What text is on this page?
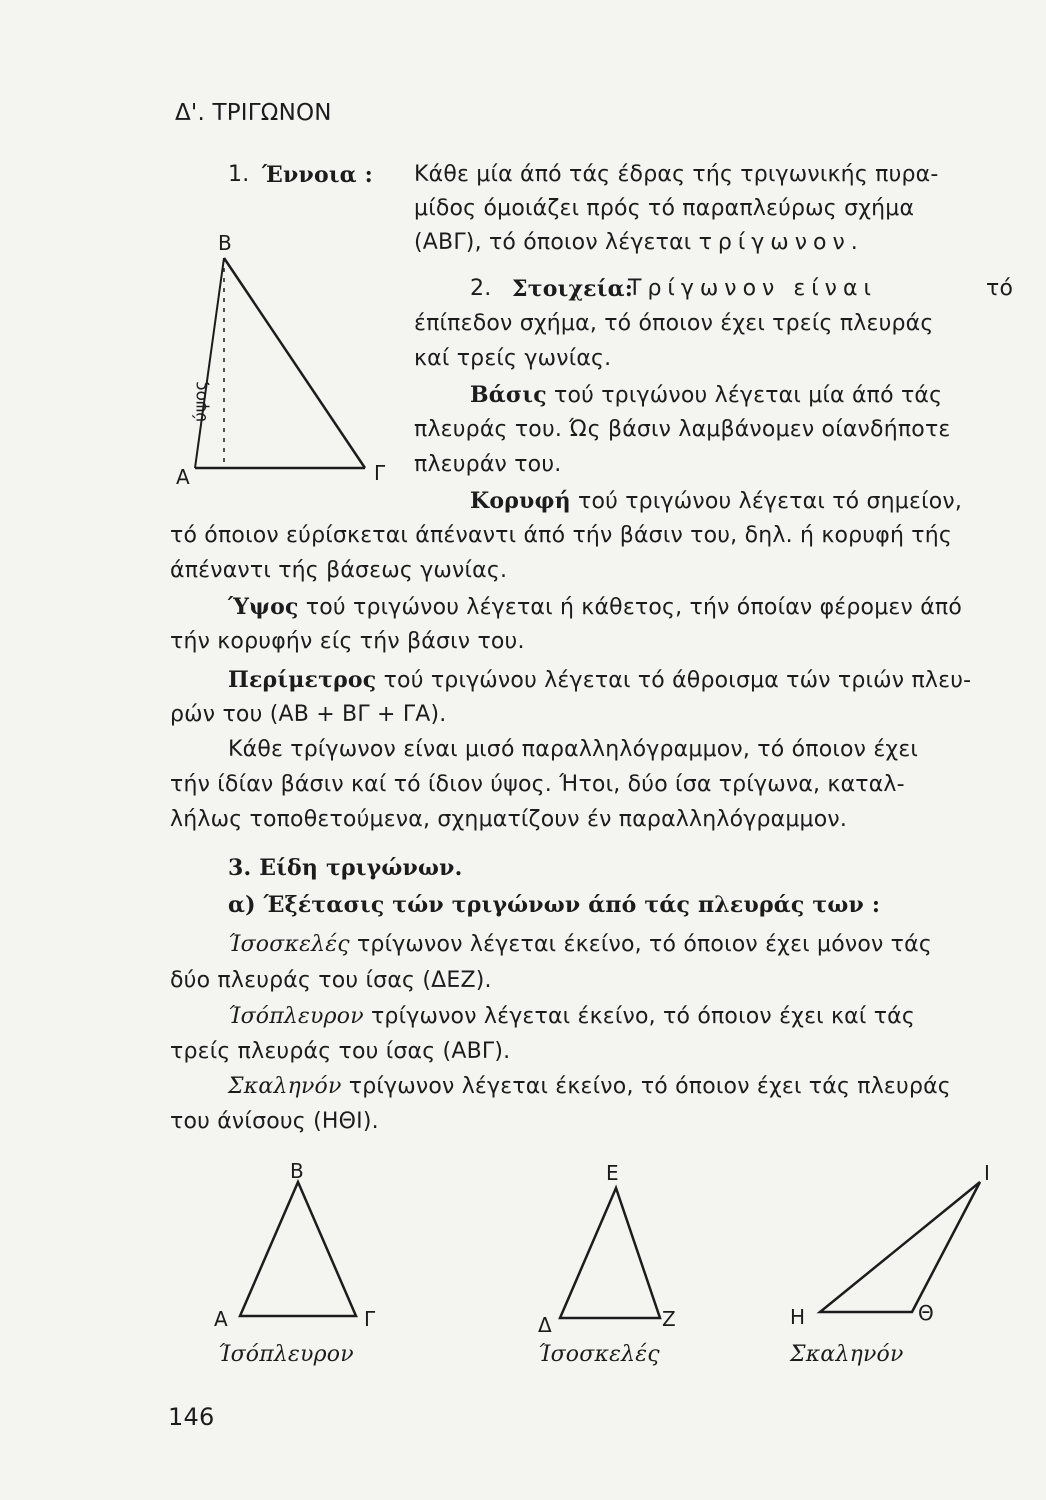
Δ'. ΤΡΙΓΩΝΟΝ
1. Έννοια : Κάθε μία άπό τάς έδρας τής τριγωνικής πυρα-
μίδος όμοιάζει πρός τό παραπλεύρως σχήμα
(ΑΒΓ), τό όποιον λέγεται τρίγωνον.
2. Στοιχεία:
Τρίγωνον είναι	τό
έπίπεδον σχήμα, τό όποιον έχει τρείς πλευράς
καί τρείς γωνίας.
Βάσις τού τριγώνου λέγεται μία άπό τάς
πλευράς του. Ώς βάσιν λαμβάνομεν οίανδήποτε
πλευράν του.
Κορυφή τού τριγώνου λέγεται τό σημείον,
τό όποιον εύρίσκεται άπέναντι άπό τήν βάσιν του, δηλ. ή κορυφή τής
άπέναντι τής βάσεως γωνίας.
Ύψος τού τριγώνου λέγεται ή κάθετος, τήν όποίαν φέρομεν άπό
τήν κορυφήν είς τήν βάσιν του.
Περίμετρος τού τριγώνου λέγεται τό άθροισμα τών τριών πλευ-
ρών του (ΑΒ + ΒΓ + ΓΑ).
Κάθε τρίγωνον είναι μισό παραλληλόγραμμον, τό όποιον έχει
τήν ίδίαν βάσιν καί τό ίδιον ύψος. Ήτοι, δύο ίσα τρίγωνα, καταλ-
λήλως τοποθετούμενα, σχηματίζουν έν παραλληλόγραμμον.
3. Είδη τριγώνων.
α) Έξέτασις τών τριγώνων άπό τάς πλευράς των :
Ίσοσκελές τρίγωνον λέγεται έκείνο, τό όποιον έχει μόνον τάς
δύο πλευράς του ίσας (ΔΕΖ).
Ίσόπλευρον τρίγωνον λέγεται έκείνο, τό όποιον έχει καί τάς
τρείς πλευράς του ίσας (ΑΒΓ).
Σκαληνόν τρίγωνον λέγεται έκείνο, τό όποιον έχει τάς πλευράς
του άνίσους (ΗΘΙ).
Β
Α	Γ
ύψος
Β
Α	Γ
Ίσόπλευρον
Ε
Δ	Ζ
Ίσοσκελές
Ι
Η	Θ
Σκαληνόν
146
